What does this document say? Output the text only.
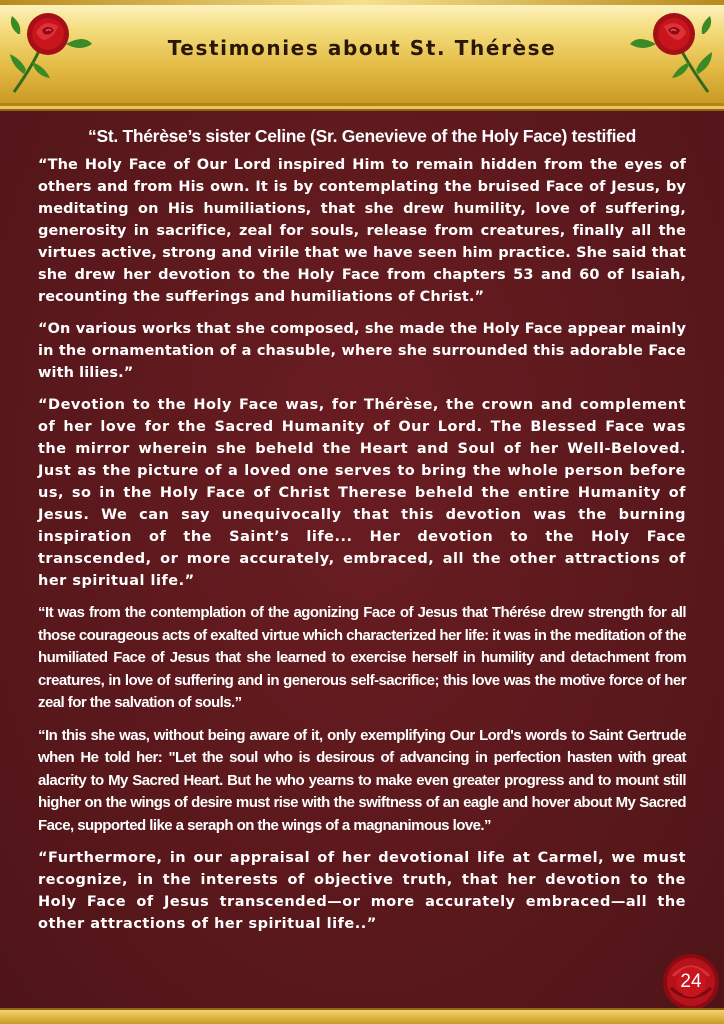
Testimonies about St. Thérèse
“St. Thérèse’s sister Celine (Sr. Genevieve of the Holy Face) testified

“The Holy Face of Our Lord inspired Him to remain hidden from the eyes of others and from His own. It is by contemplating the bruised Face of Jesus, by meditating on His humiliations, that she drew humility, love of suffering, generosity in sacrifice, zeal for souls, release from creatures, finally all the virtues active, strong and virile that we have seen him practice. She said that she drew her devotion to the Holy Face from chapters 53 and 60 of Isaiah, recounting the sufferings and humiliations of Christ.”

“On various works that she composed, she made the Holy Face appear mainly in the ornamentation of a chasuble, where she surrounded this adorable Face with lilies.”

“Devotion to the Holy Face was, for Thérèse, the crown and complement of her love for the Sacred Humanity of Our Lord. The Blessed Face was the mirror wherein she beheld the Heart and Soul of her Well-Beloved. Just as the picture of a loved one serves to bring the whole person before us, so in the Holy Face of Christ Therese beheld the entire Humanity of Jesus. We can say unequivocally that this devotion was the burning inspiration of the Saint’s life... Her devotion to the Holy Face transcended, or more accurately, embraced, all the other attractions of her spiritual life.”

“It was from the contemplation of the agonizing Face of Jesus that Thérése drew strength for all those courageous acts of exalted virtue which characterized her life: it was in the meditation of the humiliated Face of Jesus that she learned to exercise herself in humility and detachment from creatures, in love of suffering and in generous self-sacrifice; this love was the motive force of her zeal for the salvation of souls.”

“In this she was, without being aware of it, only exemplifying Our Lord's words to Saint Gertrude when He told her: "Let the soul who is desirous of advancing in perfection hasten with great alacrity to My Sacred Heart. But he who yearns to make even greater progress and to mount still higher on the wings of desire must rise with the swiftness of an eagle and hover about My Sacred Face, supported like a seraph on the wings of a magnanimous love.”

“Furthermore, in our appraisal of her devotional life at Carmel, we must recognize, in the interests of objective truth, that her devotion to the Holy Face of Jesus transcended—or more accurately embraced—all the other attractions of her spiritual life..”

24
